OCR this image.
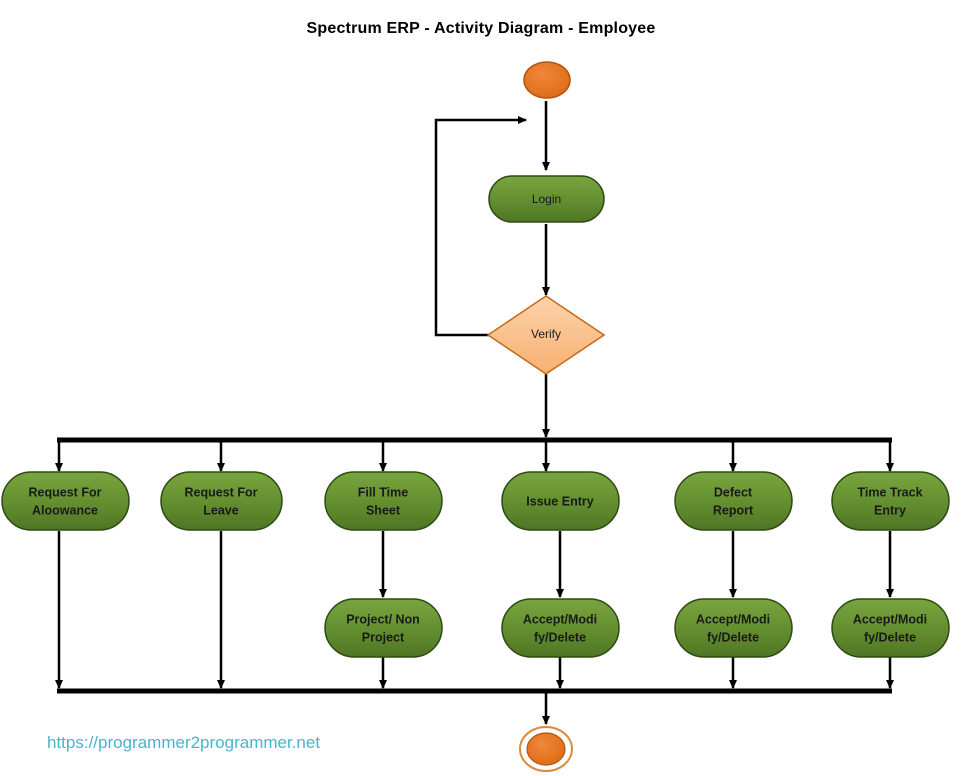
Spectrum ERP - Activity Diagram - Employee
Login
Verify
Request For
Aloowance
Request For
Leave
Fill Time
Sheet
Issue Entry
Defect
Report
Time Track
Entry
Project/ Non
Project
Accept/Modi
fy/Delete
Accept/Modi
fy/Delete
Accept/Modi
fy/Delete
https://programmer2programmer.net
